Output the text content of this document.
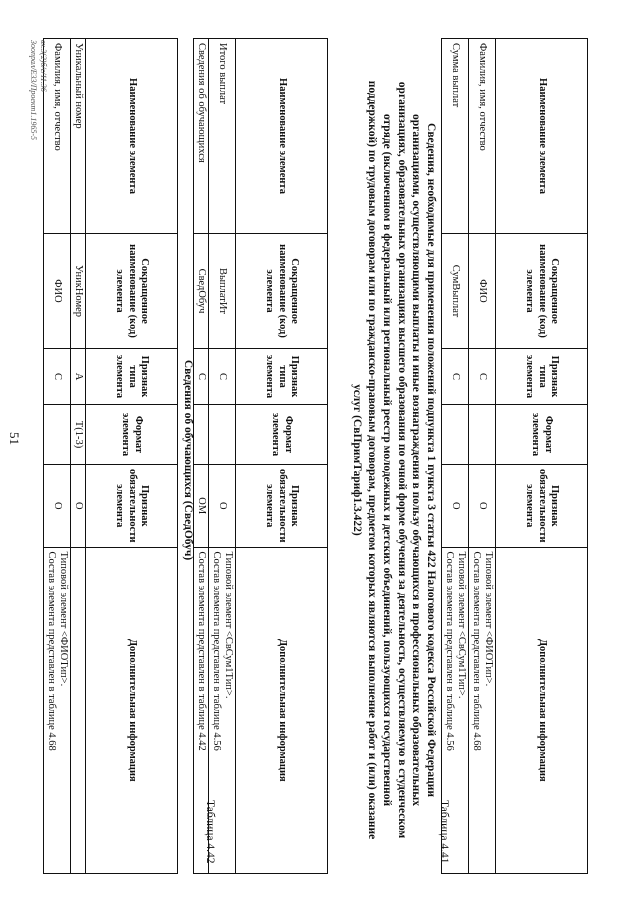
51
Наименование элемента	Сокращенное наименование (код) элемента	Признак типа элемента	Формат элемента	Признак обязательности элемента	Дополнительная информация
Фамилия, имя, отчество	ФИО	С		О	Типовой элемент <ФИОТип>.
Состав элемента представлен в таблице 4.68

Сумма выплат	СумВыплат	С		О	Типовой элемент <СвСум1Тип>.
Состав элемента представлен в таблице 4.56
Таблица 4.41
Сведения, необходимые для применения положений подпункта 1 пункта 3 статьи 422 Налогового кодекса Российской Федерации организациями, осуществляющими выплаты и иные вознаграждения в пользу обучающихся в профессиональных образовательных организациях, образовательных организациях высшего образования по очной форме обучения за деятельность, осуществляемую в студенческом отряде (включенном в федеральный или региональный реестр молодежных и детских объединений, пользующихся государственной поддержкой) по трудовым договорам или по гражданско-правовым договорам, предметом которых являются выполнение работ и (или) оказание услуг (СвПримТариф1.3.422)
Наименование элемента	Сокращенное наименование (код) элемента	Признак типа элемента	Формат элемента	Признак обязательности элемента	Дополнительная информация
Итого выплат	ВыплатИт	С		О	Типовой элемент <СвСум1Тип>.
Состав элемента представлен в таблице 4.56

Сведения об обучающихся	СведОбуч	С		ОМ	Состав элемента представлен в таблице 4.42
Таблица 4.42
Сведения об обучающихся (СведОбуч)
Наименование элемента	Сокращенное наименование (код) элемента	Признак типа элемента	Формат элемента	Признак обязательности элемента	Дополнительная информация
Уникальный номер	УникНомер	А	T(1-3)	О	
Фамилия, имя, отчество	ФИО	С		О	Типовой элемент <ФИОТип>.
Состав элемента представлен в таблице 4.68
вх.3(2)б/с/11.36
Зоопрал/ЕЗЗ/Проект1.1965-5
